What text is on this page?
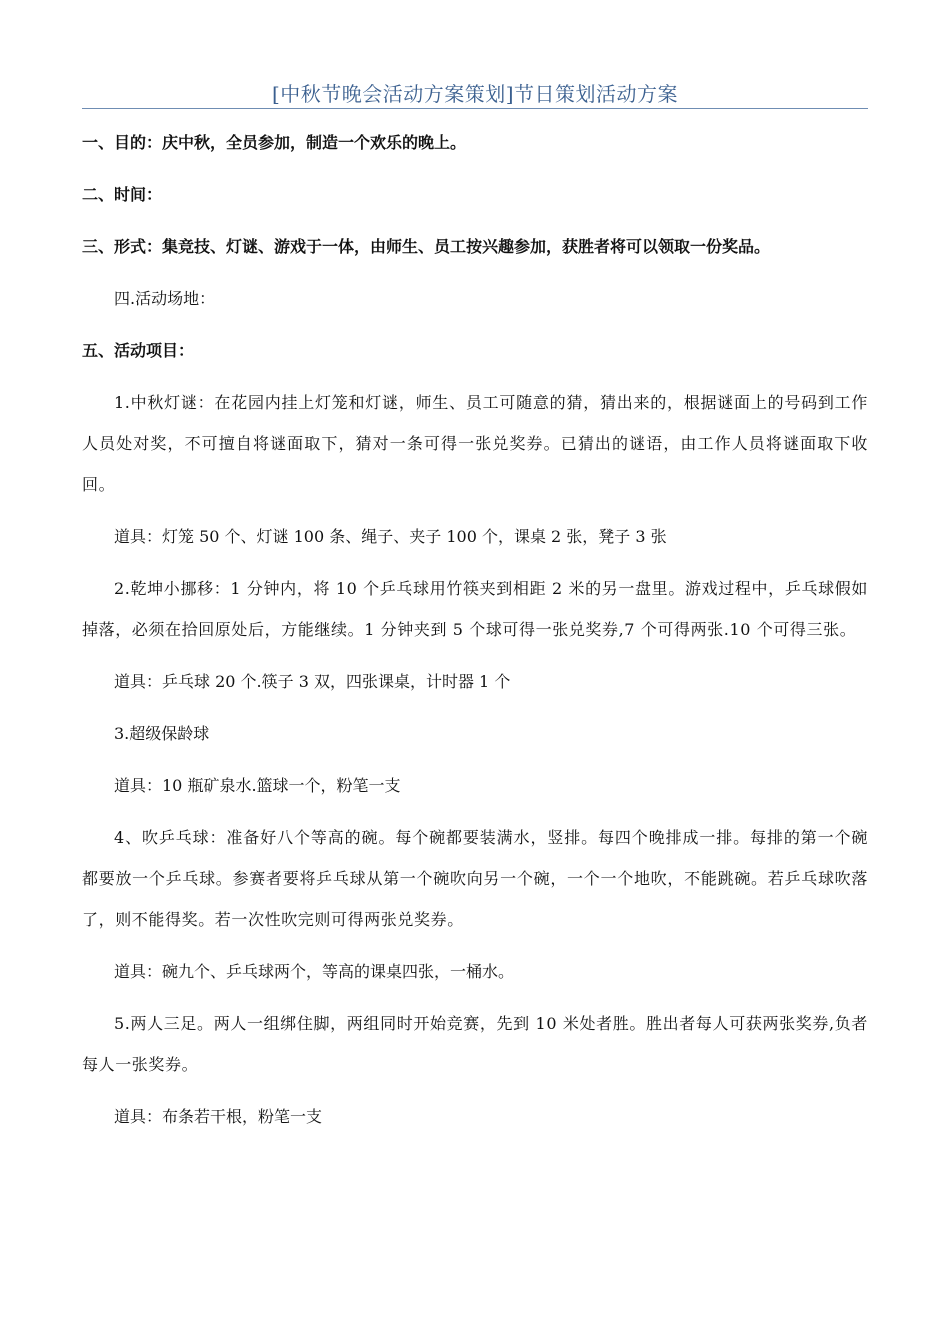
[中秋节晚会活动方案策划]节日策划活动方案

一、目的：庆中秋，全员参加，制造一个欢乐的晚上。

二、时间：

三、形式：集竞技、灯谜、游戏于一体，由师生、员工按兴趣参加，获胜者将可以领取一份奖品。

四.活动场地：

五、活动项目：

1.中秋灯谜：在花园内挂上灯笼和灯谜，师生、员工可随意的猜，猜出来的，根据谜面上的号码到工作人员处对奖，不可擅自将谜面取下，猜对一条可得一张兑奖券。已猜出的谜语，由工作人员将谜面取下收回。

道具：灯笼 50 个、灯谜 100 条、绳子、夹子 100 个，课桌 2 张，凳子 3 张

2.乾坤小挪移：1 分钟内，将 10 个乒乓球用竹筷夹到相距 2 米的另一盘里。游戏过程中，乒乓球假如掉落，必须在拾回原处后，方能继续。1 分钟夹到 5 个球可得一张兑奖券,7 个可得两张.10 个可得三张。

道具：乒乓球 20 个.筷子 3 双，四张课桌，计时器 1 个

3.超级保龄球

道具：10 瓶矿泉水.篮球一个，粉笔一支

4、吹乒乓球：准备好八个等高的碗。每个碗都要装满水，竖排。每四个晚排成一排。每排的第一个碗都要放一个乒乓球。参赛者要将乒乓球从第一个碗吹向另一个碗，一个一个地吹，不能跳碗。若乒乓球吹落了，则不能得奖。若一次性吹完则可得两张兑奖券。

道具：碗九个、乒乓球两个，等高的课桌四张，一桶水。

5.两人三足。两人一组绑住脚，两组同时开始竞赛，先到 10 米处者胜。胜出者每人可获两张奖券,负者每人一张奖券。

道具：布条若干根，粉笔一支
